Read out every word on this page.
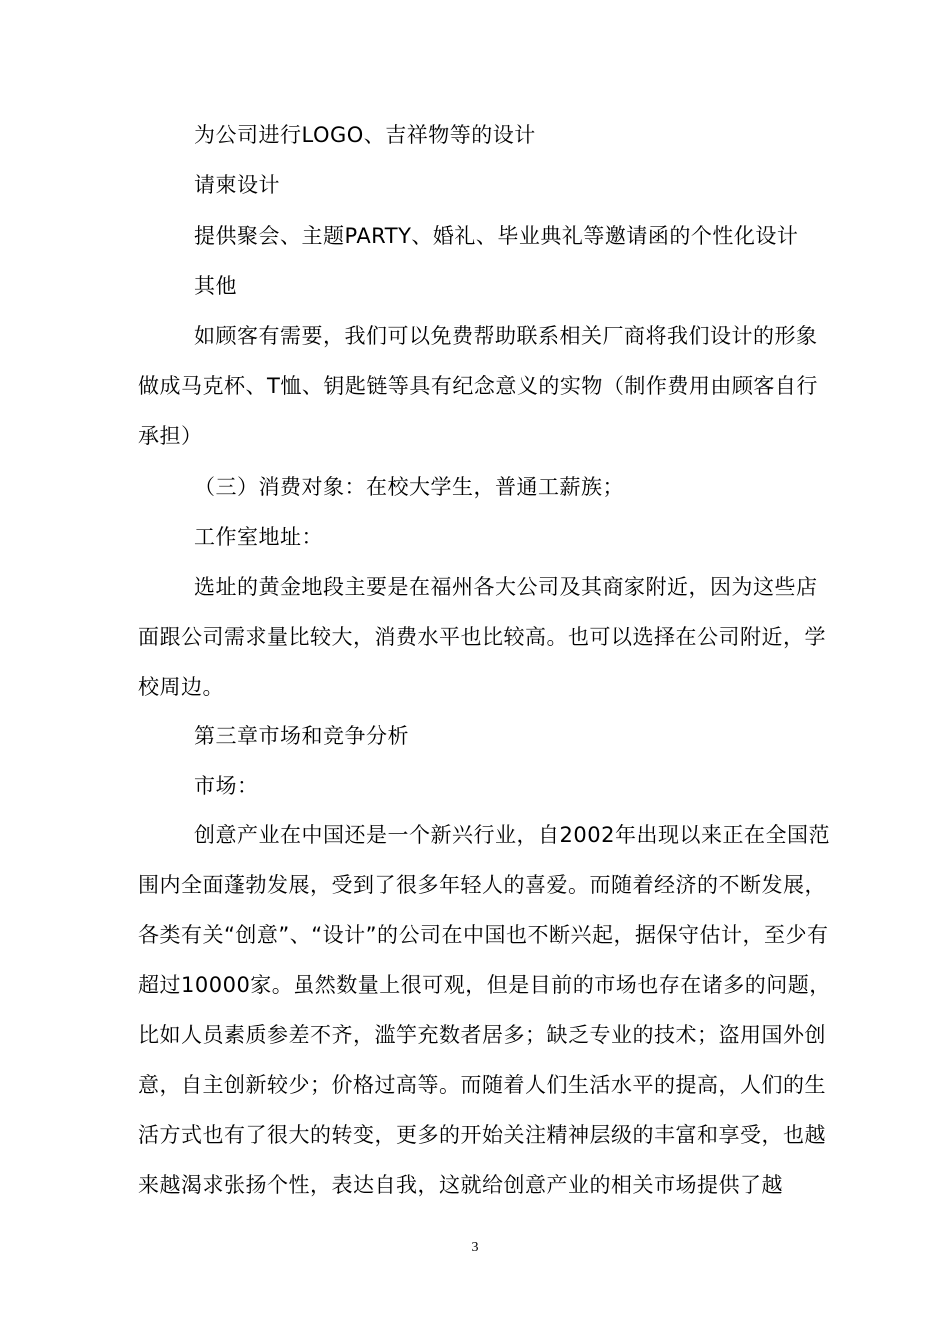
为公司进行LOGO、吉祥物等的设计

请柬设计

提供聚会、主题PARTY、婚礼、毕业典礼等邀请函的个性化设计

其他

如顾客有需要，我们可以免费帮助联系相关厂商将我们设计的形象做成马克杯、T恤、钥匙链等具有纪念意义的实物（制作费用由顾客自行承担）

（三）消费对象：在校大学生，普通工薪族；

工作室地址：

选址的黄金地段主要是在福州各大公司及其商家附近，因为这些店面跟公司需求量比较大，消费水平也比较高。也可以选择在公司附近，学校周边。

第三章市场和竞争分析

市场：

创意产业在中国还是一个新兴行业，自2002年出现以来正在全国范围内全面蓬勃发展，受到了很多年轻人的喜爱。而随着经济的不断发展，各类有关“创意”、“设计”的公司在中国也不断兴起，据保守估计，至少有超过10000家。虽然数量上很可观，但是目前的市场也存在诸多的问题，比如人员素质参差不齐，滥竽充数者居多；缺乏专业的技术；盗用国外创意，自主创新较少；价格过高等。而随着人们生活水平的提高，人们的生活方式也有了很大的转变，更多的开始关注精神层级的丰富和享受，也越来越渴求张扬个性，表达自我，这就给创意产业的相关市场提供了越

3
